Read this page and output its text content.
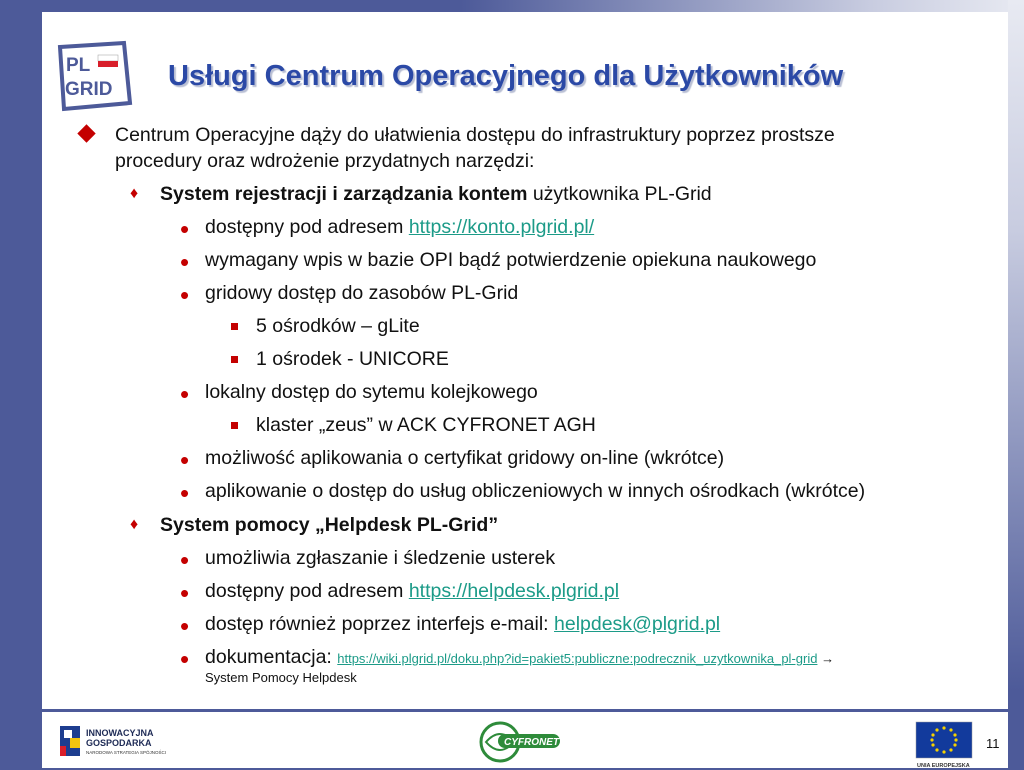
PL
GRID Usługi Centrum Operacyjnego dla Użytkowników
Centrum Operacyjne dąży do ułatwienia dostępu do infrastruktury poprzez prostsze
procedury oraz wdrożenie przydatnych narzędzi:
♦ System rejestracji i zarządzania kontem użytkownika PL-Grid
• dostępny pod adresem https://konto.plgrid.pl/
• wymagany wpis w bazie OPI bądź potwierdzenie opiekuna naukowego
• gridowy dostęp do zasobów PL-Grid
5 ośrodków – gLite
1 ośrodek - UNICORE
• lokalny dostęp do sytemu kolejkowego
klaster „zeus” w ACK CYFRONET AGH
• możliwość aplikowania o certyfikat gridowy on-line (wkrótce)
• aplikowanie o dostęp do usług obliczeniowych w innych ośrodkach (wkrótce)
♦ System pomocy „Helpdesk PL-Grid”
• umożliwia zgłaszanie i śledzenie usterek
• dostępny pod adresem https://helpdesk.plgrid.pl
• dostęp również poprzez interfejs e-mail: helpdesk@plgrid.pl
• dokumentacja: https://wiki.plgrid.pl/doku.php?id=pakiet5:publiczne:podrecznik_uzytkownika_pl-grid →
System Pomocy Helpdesk
INNOWACYJNA
GOSPODARKA
NARODOWA STRATEGIA SPÓJNOŚCI
CYFRONET
UNIA EUROPEJSKA
11
